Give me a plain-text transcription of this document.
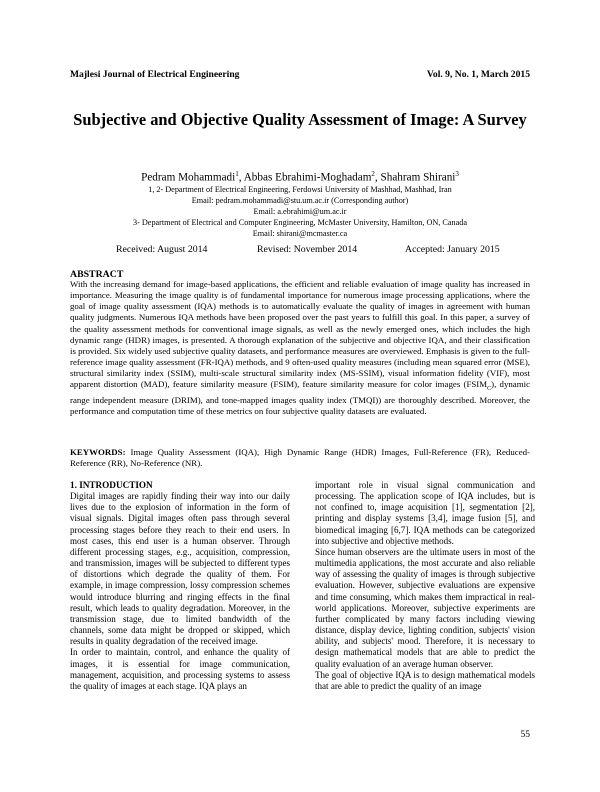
Majlesi Journal of Electrical Engineering	Vol. 9, No. 1, March 2015
Subjective and Objective Quality Assessment of Image: A Survey
Pedram Mohammadi$^1$, Abbas Ebrahimi-Moghadam$^2$, Shahram Shirani$^3$
1, 2- Department of Electrical Engineering, Ferdowsi University of Mashhad, Mashhad, Iran
Email: pedram.mohammadi@stu.um.ac.ir (Corresponding author)
Email: a.ebrahimi@um.ac.ir
3- Department of Electrical and Computer Engineering, McMaster University, Hamilton, ON, Canada
Email: shirani@mcmaster.ca
Received: August 2014	Revised: November 2014	Accepted: January 2015
ABSTRACT
With the increasing demand for image-based applications, the efficient and reliable evaluation of image quality has increased in importance. Measuring the image quality is of fundamental importance for numerous image processing applications, where the goal of image quality assessment (IQA) methods is to automatically evaluate the quality of images in agreement with human quality judgments. Numerous IQA methods have been proposed over the past years to fulfill this goal. In this paper, a survey of the quality assessment methods for conventional image signals, as well as the newly emerged ones, which includes the high dynamic range (HDR) images, is presented. A thorough explanation of the subjective and objective IQA, and their classification is provided. Six widely used subjective quality datasets, and performance measures are overviewed. Emphasis is given to the full-reference image quality assessment (FR-IQA) methods, and 9 often-used quality measures (including mean squared error (MSE), structural similarity index (SSIM), multi-scale structural similarity index (MS-SSIM), visual information fidelity (VIF), most apparent distortion (MAD), feature similarity measure (FSIM), feature similarity measure for color images $(FSIM_C)$, dynamic range independent measure (DRIM), and tone-mapped images quality index (TMQI)) are thoroughly described. Moreover, the performance and computation time of these metrics on four subjective quality datasets are evaluated.
KEYWORDS: Image Quality Assessment (IQA), High Dynamic Range (HDR) Images, Full-Reference (FR), Reduced-Reference (RR), No-Reference (NR).

1. INTRODUCTION

Digital images are rapidly finding their way into our daily lives due to the explosion of information in the form of visual signals. Digital images often pass through several processing stages before they reach to their end users. In most cases, this end user is a human observer. Through different processing stages, e.g., acquisition, compression, and transmission, images will be subjected to different types of distortions which degrade the quality of them. For example, in image compression, lossy compression schemes would introduce blurring and ringing effects in the final result, which leads to quality degradation. Moreover, in the transmission stage, due to limited bandwidth of the channels, some data might be dropped or skipped, which results in quality degradation of the received image.

In order to maintain, control, and enhance the quality of images, it is essential for image communication, management, acquisition, and processing systems to assess the quality of images at each stage. IQA plays an

important role in visual signal communication and processing. The application scope of IQA includes, but is not confined to, image acquisition [1], segmentation [2], printing and display systems [3,4], image fusion [5], and biomedical imaging [6,7]. IQA methods can be categorized into subjective and objective methods.

Since human observers are the ultimate users in most of the multimedia applications, the most accurate and also reliable way of assessing the quality of images is through subjective evaluation. However, subjective evaluations are expensive and time consuming, which makes them impractical in real-world applications. Moreover, subjective experiments are further complicated by many factors including viewing distance, display device, lighting condition, subjects' vision ability, and subjects' mood. Therefore, it is necessary to design mathematical models that are able to predict the quality evaluation of an average human observer.

The goal of objective IQA is to design mathematical models that are able to predict the quality of an image

55
